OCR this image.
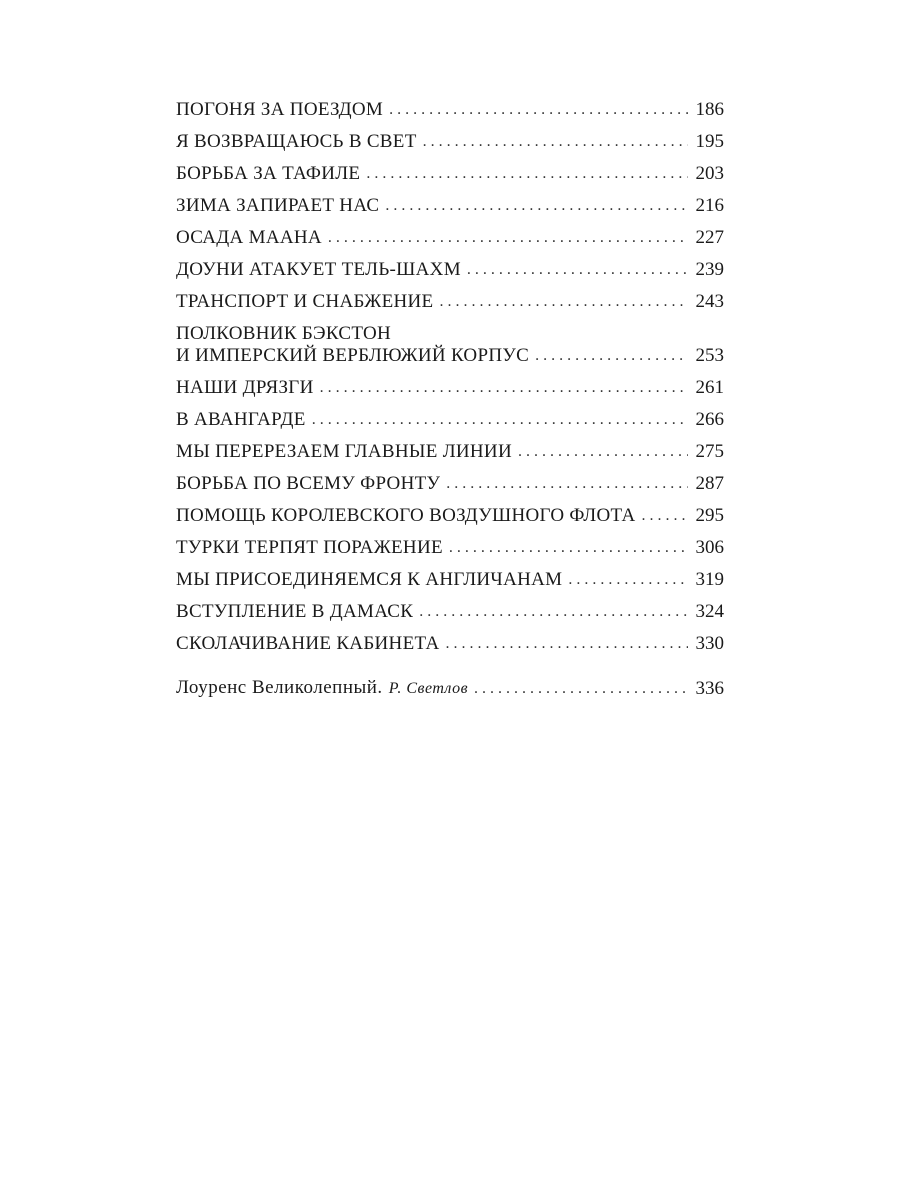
ПОГОНЯ ЗА ПОЕЗДОМ . . .	186
Я ВОЗВРАЩАЮСЬ В СВЕТ . . .	195
БОРЬБА ЗА ТАФИЛЕ . . .	203
ЗИМА ЗАПИРАЕТ НАС . . .	216
ОСАДА МААНА . . .	227
ДОУНИ АТАКУЕТ ТЕЛЬ-ШАХМ . . .	239
ТРАНСПОРТ И СНАБЖЕНИЕ . . .	243
ПОЛКОВНИК БЭКСТОН
И ИМПЕРСКИЙ ВЕРБЛЮЖИЙ КОРПУС . . .	253
НАШИ ДРЯЗГИ . . .	261
В АВАНГАРДЕ . . .	266
МЫ ПЕРЕРЕЗАЕМ ГЛАВНЫЕ ЛИНИИ . . .	275
БОРЬБА ПО ВСЕМУ ФРОНТУ . . .	287
ПОМОЩЬ КОРОЛЕВСКОГО ВОЗДУШНОГО ФЛОТА . . .	295
ТУРКИ ТЕРПЯТ ПОРАЖЕНИЕ . . .	306
МЫ ПРИСОЕДИНЯЕМСЯ К АНГЛИЧАНАМ . . .	319
ВСТУПЛЕНИЕ В ДАМАСК . . .	324
СКОЛАЧИВАНИЕ КАБИНЕТА . . .	330
Лоуренс Великолепный. Р. Светлов . . .	336
